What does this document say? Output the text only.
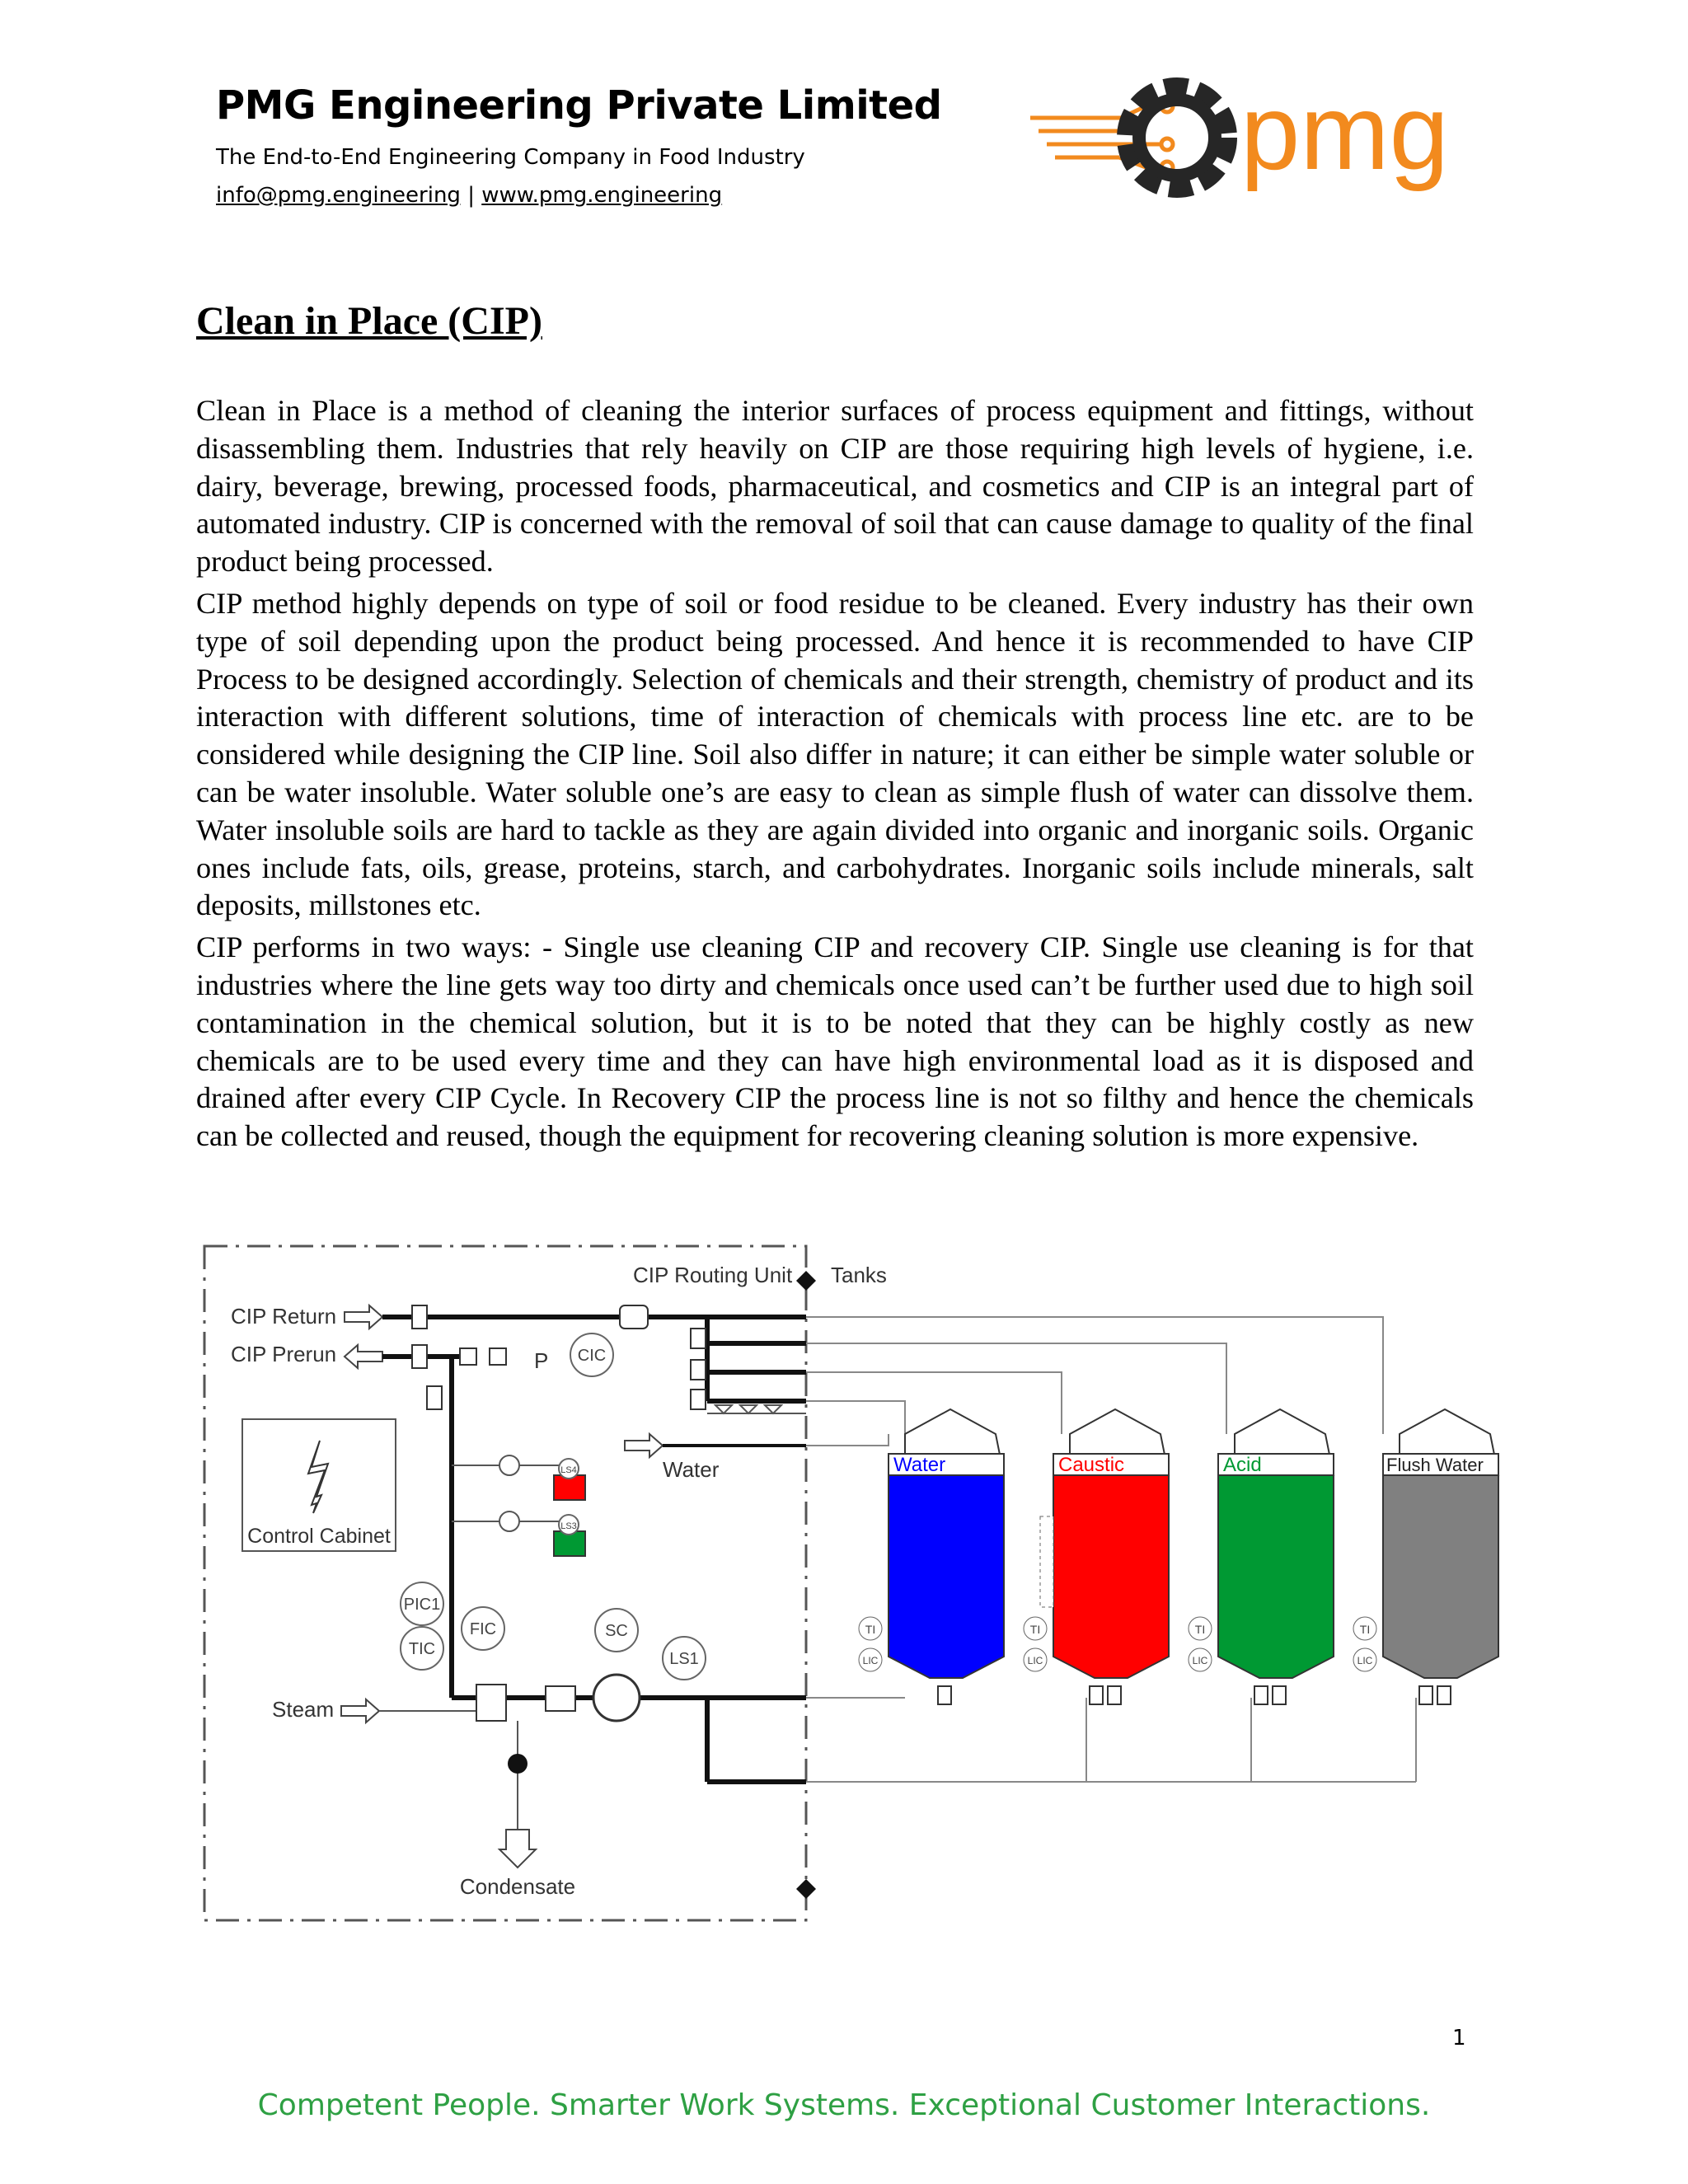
PMG Engineering Private Limited
The End-to-End Engineering Company in Food Industry
info@pmg.engineering | www.pmg.engineering
pmg
Clean in Place (CIP)

Clean in Place is a method of cleaning the interior surfaces of process equipment and fittings, without disassembling them. Industries that rely heavily on CIP are those requiring high levels of hygiene, i.e. dairy, beverage, brewing, processed foods, pharmaceutical, and cosmetics and CIP is an integral part of automated industry. CIP is concerned with the removal of soil that can cause damage to quality of the final product being processed.

CIP method highly depends on type of soil or food residue to be cleaned. Every industry has their own type of soil depending upon the product being processed. And hence it is recommended to have CIP Process to be designed accordingly. Selection of chemicals and their strength, chemistry of product and its interaction with different solutions, time of interaction of chemicals with process line etc. are to be considered while designing the CIP line. Soil also differ in nature; it can either be simple water soluble or can be water insoluble. Water soluble one’s are easy to clean as simple flush of water can dissolve them. Water insoluble soils are hard to tackle as they are again divided into organic and inorganic soils. Organic ones include fats, oils, grease, proteins, starch, and carbohydrates. Inorganic soils include minerals, salt deposits, millstones etc.

CIP performs in two ways: - Single use cleaning CIP and recovery CIP. Single use cleaning is for that industries where the line gets way too dirty and chemicals once used can’t be further used due to high soil contamination in the chemical solution, but it is to be noted that they can be highly costly as new chemicals are to be used every time and they can have high environmental load as it is disposed and drained after every CIP Cycle. In Recovery CIP the process line is not so filthy and hence the chemicals can be collected and reused, though the equipment for recovering cleaning solution is more expensive.

CIP Routing Unit Tanks
CIP Return
CIP Prerun	CIC
PIC1
TIC
FIC	SC
LS1
P
LS4
LS3
Control Cabinet
Water
Steam
Condensate
Water
TI
LIC
Caustic
TI
LIC
Acid
TI
LIC
Flush Water
TI
LIC
1
Competent People. Smarter Work Systems. Exceptional Customer Interactions.
